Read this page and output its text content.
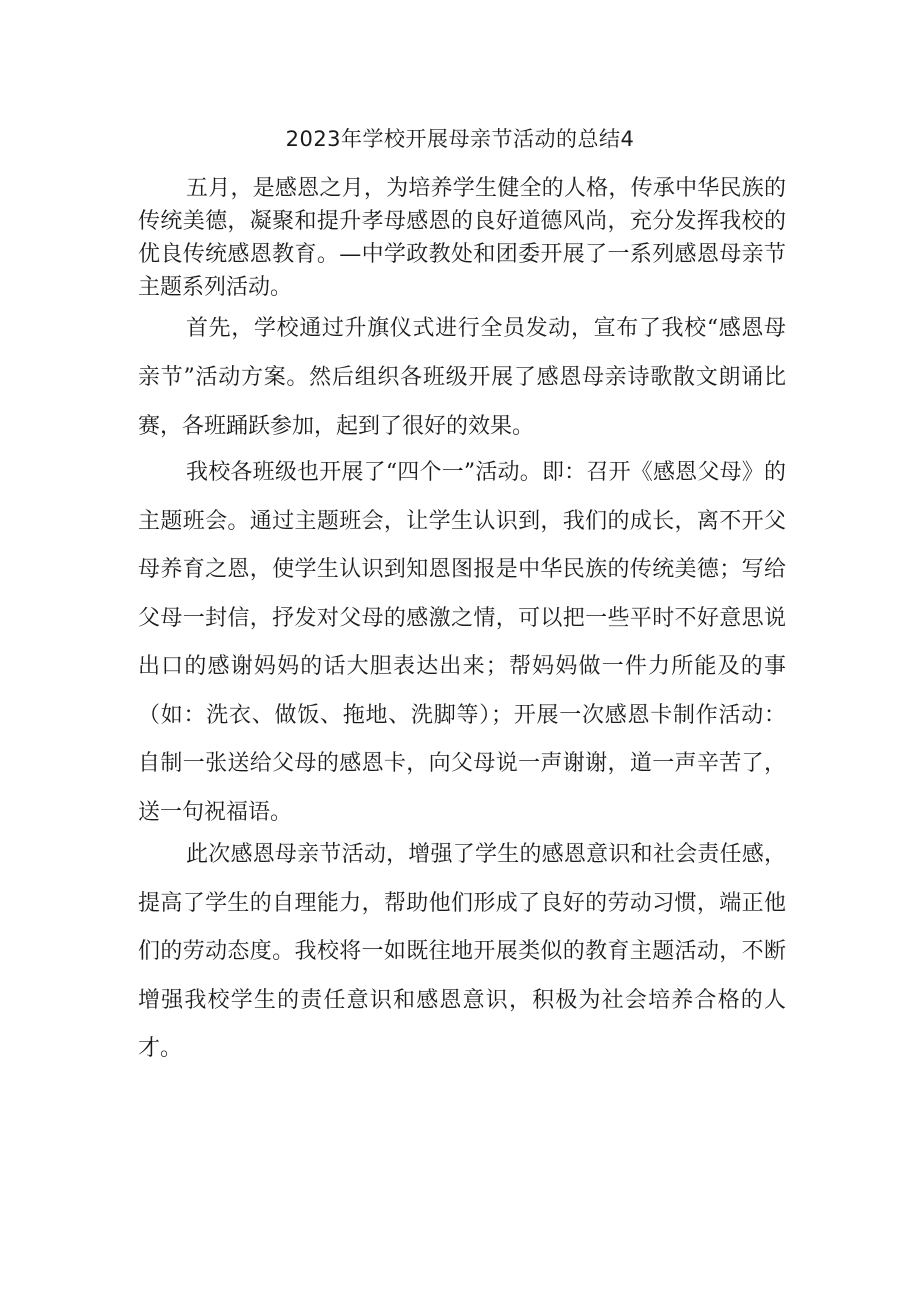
2023年学校开展母亲节活动的总结4

五月，是感恩之月，为培养学生健全的人格，传承中华民族的传统美德，凝聚和提升孝母感恩的良好道德风尚，充分发挥我校的优良传统感恩教育。—中学政教处和团委开展了一系列感恩母亲节主题系列活动。

首先，学校通过升旗仪式进行全员发动，宣布了我校“感恩母亲节”活动方案。然后组织各班级开展了感恩母亲诗歌散文朗诵比赛，各班踊跃参加，起到了很好的效果。

我校各班级也开展了“四个一”活动。即：召开《感恩父母》的主题班会。通过主题班会，让学生认识到，我们的成长，离不开父母养育之恩，使学生认识到知恩图报是中华民族的传统美德；写给父母一封信，抒发对父母的感激之情，可以把一些平时不好意思说出口的感谢妈妈的话大胆表达出来；帮妈妈做一件力所能及的事（如：洗衣、做饭、拖地、洗脚等）；开展一次感恩卡制作活动：自制一张送给父母的感恩卡，向父母说一声谢谢，道一声辛苦了，送一句祝福语。

此次感恩母亲节活动，增强了学生的感恩意识和社会责任感，提高了学生的自理能力，帮助他们形成了良好的劳动习惯，端正他们的劳动态度。我校将一如既往地开展类似的教育主题活动，不断增强我校学生的责任意识和感恩意识，积极为社会培养合格的人才。
